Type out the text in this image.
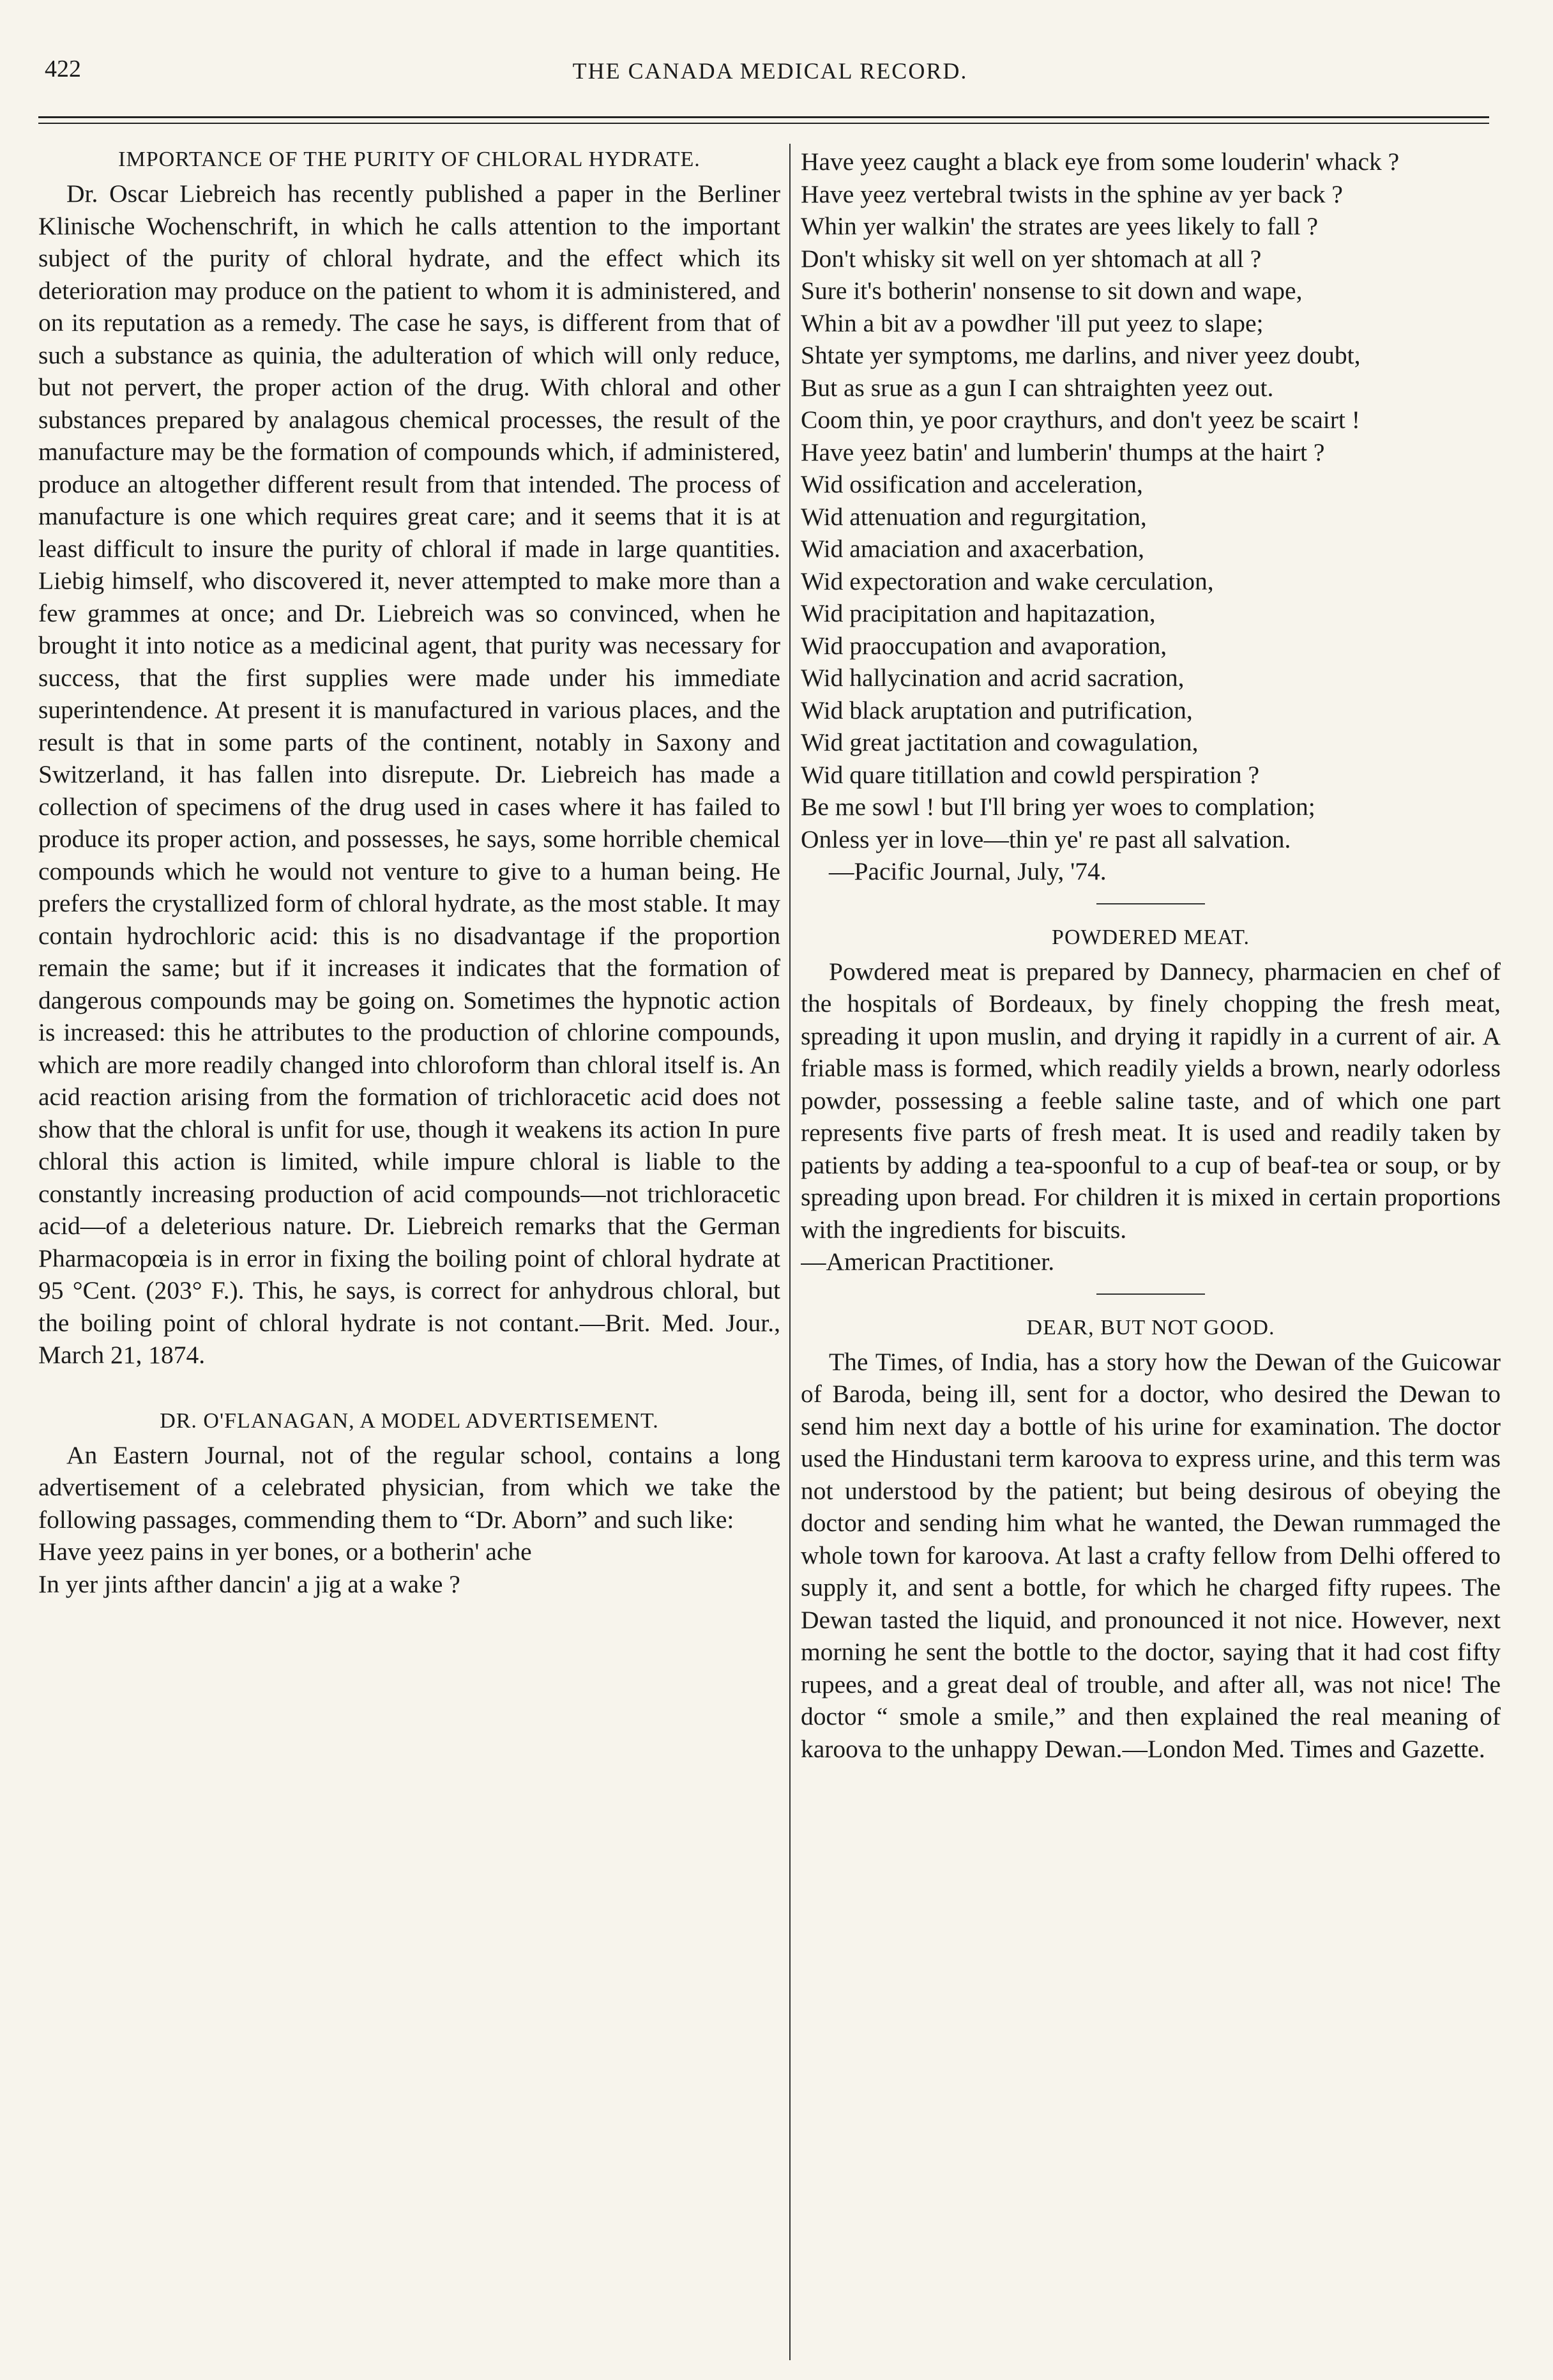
422	THE CANADA MEDICAL RECORD.
IMPORTANCE OF THE PURITY OF CHLORAL HYDRATE.

Dr. Oscar Liebreich has recently published a paper in the Berliner Klinische Wochenschrift, in which he calls attention to the important subject of the purity of chloral hydrate, and the effect which its deterioration may produce on the patient to whom it is administered, and on its reputation as a remedy. The case he says, is different from that of such a substance as quinia, the adulteration of which will only reduce, but not pervert, the proper action of the drug. With chloral and other substances prepared by analagous chemical processes, the result of the manufacture may be the formation of compounds which, if administered, produce an altogether different result from that intended. The process of manufacture is one which requires great care; and it seems that it is at least difficult to insure the purity of chloral if made in large quantities. Liebig himself, who discovered it, never attempted to make more than a few grammes at once; and Dr. Liebreich was so convinced, when he brought it into notice as a medicinal agent, that purity was necessary for success, that the first supplies were made under his immediate superintendence. At present it is manufactured in various places, and the result is that in some parts of the continent, notably in Saxony and Switzerland, it has fallen into disrepute. Dr. Liebreich has made a collection of specimens of the drug used in cases where it has failed to produce its proper action, and possesses, he says, some horrible chemical compounds which he would not venture to give to a human being. He prefers the crystallized form of chloral hydrate, as the most stable. It may contain hydrochloric acid: this is no disadvantage if the proportion remain the same; but if it increases it indicates that the formation of dangerous compounds may be going on. Sometimes the hypnotic action is increased: this he attributes to the production of chlorine compounds, which are more readily changed into chloroform than chloral itself is. An acid reaction arising from the formation of trichloracetic acid does not show that the chloral is unfit for use, though it weakens its action In pure chloral this action is limited, while impure chloral is liable to the constantly increasing production of acid compounds—not trichloracetic acid—of a deleterious nature. Dr. Liebreich remarks that the German Pharmacopœia is in error in fixing the boiling point of chloral hydrate at 95 °Cent. (203° F.). This, he says, is correct for anhydrous chloral, but the boiling point of chloral hydrate is not contant.—Brit. Med. Jour., March 21, 1874.

DR. O'FLANAGAN, A MODEL ADVERTISEMENT.

An Eastern Journal, not of the regular school, contains a long advertisement of a celebrated physician, from which we take the following passages, commending them to “Dr. Aborn” and such like:

Have yeez pains in yer bones, or a botherin' ache
In yer jints afther dancin' a jig at a wake ?
Have yeez caught a black eye from some louderin' whack ?
Have yeez vertebral twists in the sphine av yer back ?
Whin yer walkin' the strates are yees likely to fall ?
Don't whisky sit well on yer shtomach at all ?
Sure it's botherin' nonsense to sit down and wape,
Whin a bit av a powdher 'ill put yeez to slape;
Shtate yer symptoms, me darlins, and niver yeez doubt,
But as srue as a gun I can shtraighten yeez out.
Coom thin, ye poor craythurs, and don't yeez be scairt !
Have yeez batin' and lumberin' thumps at the hairt ?
Wid ossification and acceleration,
Wid attenuation and regurgitation,
Wid amaciation and axacerbation,
Wid expectoration and wake cerculation,
Wid pracipitation and hapitazation,
Wid praoccupation and avaporation,
Wid hallycination and acrid sacration,
Wid black aruptation and putrification,
Wid great jactitation and cowagulation,
Wid quare titillation and cowld perspiration ?
Be me sowl ! but I'll bring yer woes to complation;
Onless yer in love—thin ye' re past all salvation.
—Pacific Journal, July, '74.
POWDERED MEAT.

Powdered meat is prepared by Dannecy, pharmacien en chef of the hospitals of Bordeaux, by finely chopping the fresh meat, spreading it upon muslin, and drying it rapidly in a current of air. A friable mass is formed, which readily yields a brown, nearly odorless powder, possessing a feeble saline taste, and of which one part represents five parts of fresh meat. It is used and readily taken by patients by adding a tea-spoonful to a cup of beaf-tea or soup, or by spreading upon bread. For children it is mixed in certain proportions with the ingredients for biscuits.

—American Practitioner.

DEAR, BUT NOT GOOD.

The Times, of India, has a story how the Dewan of the Guicowar of Baroda, being ill, sent for a doctor, who desired the Dewan to send him next day a bottle of his urine for examination. The doctor used the Hindustani term karoova to express urine, and this term was not understood by the patient; but being desirous of obeying the doctor and sending him what he wanted, the Dewan rummaged the whole town for karoova. At last a crafty fellow from Delhi offered to supply it, and sent a bottle, for which he charged fifty rupees. The Dewan tasted the liquid, and pronounced it not nice. However, next morning he sent the bottle to the doctor, saying that it had cost fifty rupees, and a great deal of trouble, and after all, was not nice! The doctor “ smole a smile,” and then explained the real meaning of karoova to the unhappy Dewan.—London Med. Times and Gazette.
